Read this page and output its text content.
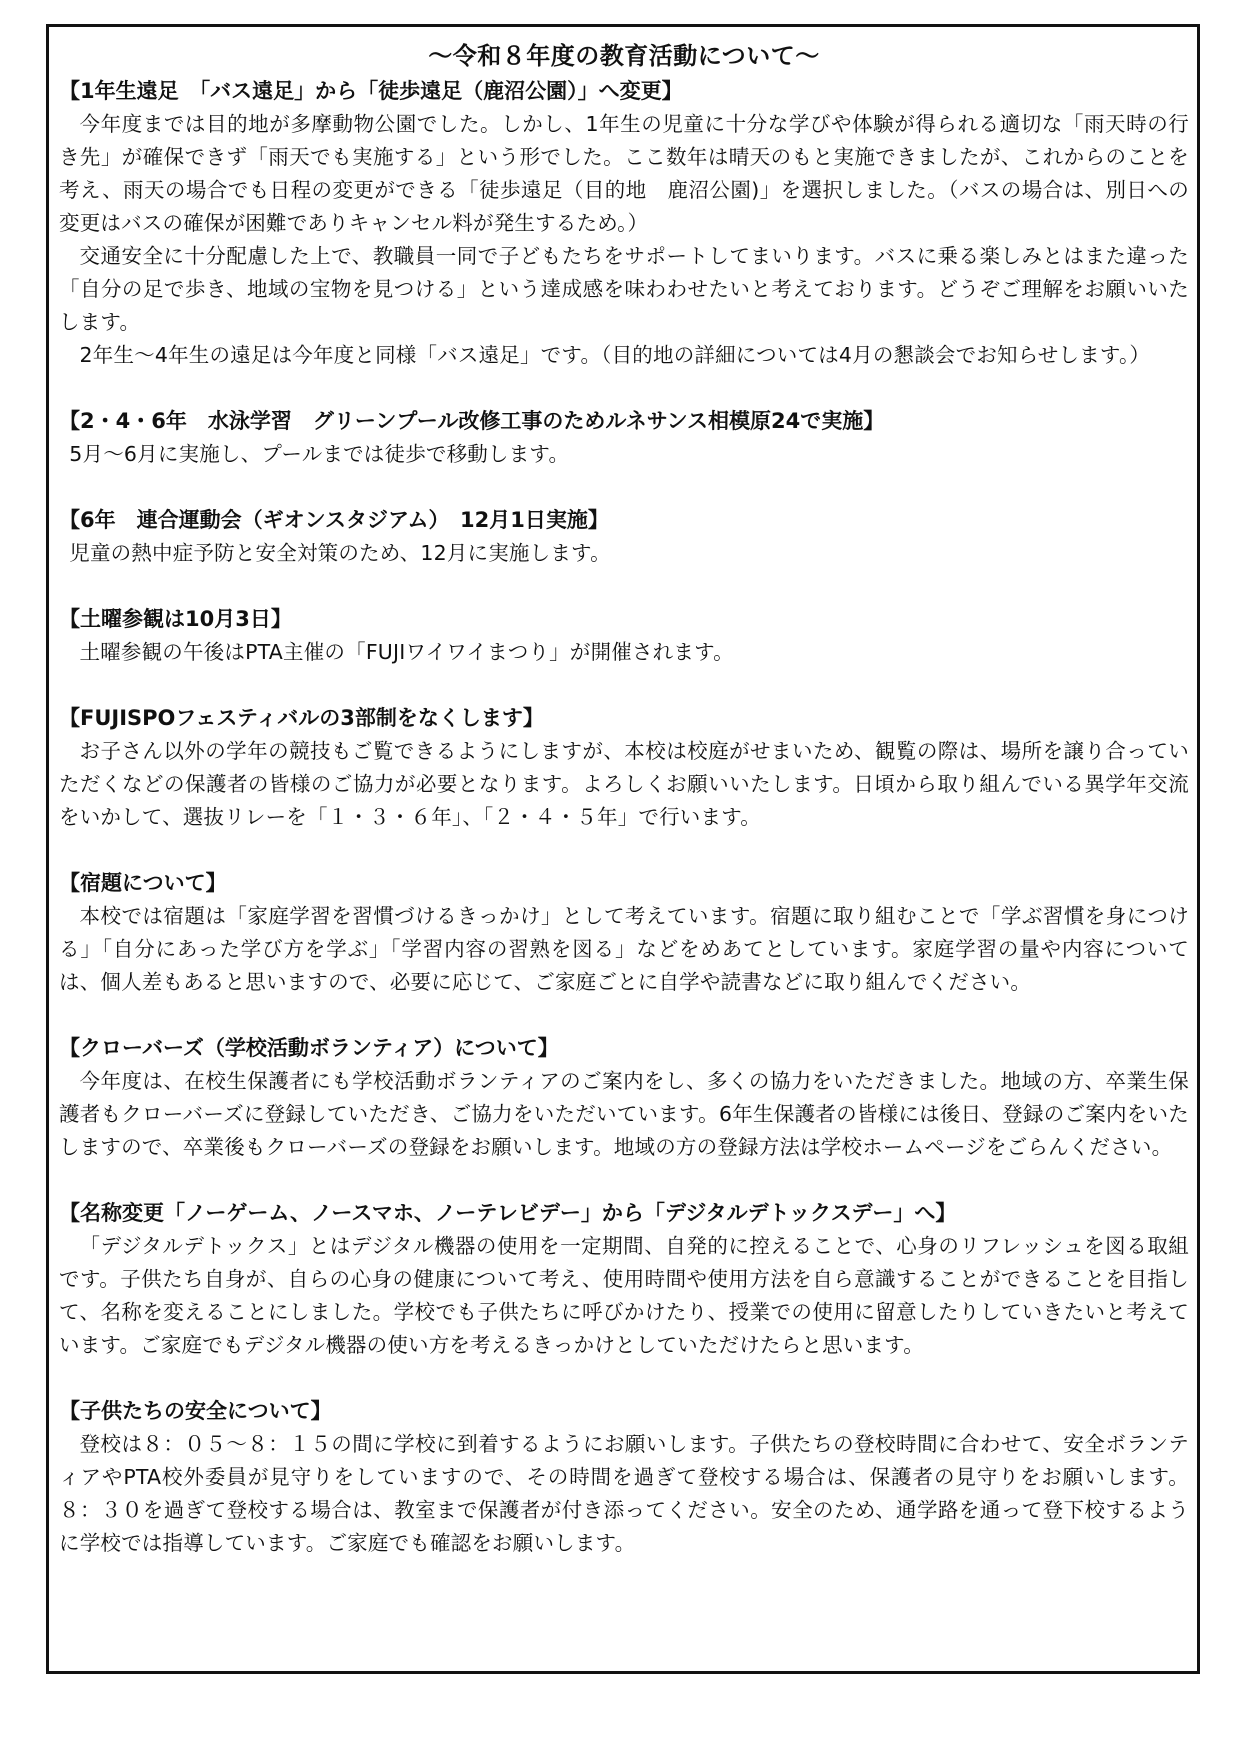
～令和８年度の教育活動について～

【1年生遠足　「バス遠足」から「徒歩遠足（鹿沼公園）」へ変更】

今年度までは目的地が多摩動物公園でした。しかし、1年生の児童に十分な学びや体験が得られる適切な「雨天時の行き先」が確保できず「雨天でも実施する」という形でした。ここ数年は晴天のもと実施できましたが、これからのことを考え、雨天の場合でも日程の変更ができる「徒歩遠足（目的地　鹿沼公園)」を選択しました。（バスの場合は、別日への変更はバスの確保が困難でありキャンセル料が発生するため。）

交通安全に十分配慮した上で、教職員一同で子どもたちをサポートしてまいります。バスに乗る楽しみとはまた違った「自分の足で歩き、地域の宝物を見つける」という達成感を味わわせたいと考えております。どうぞご理解をお願いいたします。

2年生～4年生の遠足は今年度と同様「バス遠足」です。（目的地の詳細については4月の懇談会でお知らせします。）

【2・4・6年　水泳学習　グリーンプール改修工事のためルネサンス相模原24で実施】

5月～6月に実施し、プールまでは徒歩で移動します。

【6年　連合運動会（ギオンスタジアム）　12月1日実施】

児童の熱中症予防と安全対策のため、12月に実施します。

【土曜参観は10月3日】

土曜参観の午後はPTA主催の「FUJIワイワイまつり」が開催されます。

【FUJISPOフェスティバルの3部制をなくします】

お子さん以外の学年の競技もご覧できるようにしますが、本校は校庭がせまいため、観覧の際は、場所を譲り合っていただくなどの保護者の皆様のご協力が必要となります。よろしくお願いいたします。日頃から取り組んでいる異学年交流をいかして、選抜リレーを「１・３・６年」、「２・４・５年」で行います。

【宿題について】

本校では宿題は「家庭学習を習慣づけるきっかけ」として考えています。宿題に取り組むことで「学ぶ習慣を身につける」「自分にあった学び方を学ぶ」「学習内容の習熟を図る」などをめあてとしています。家庭学習の量や内容については、個人差もあると思いますので、必要に応じて、ご家庭ごとに自学や読書などに取り組んでください。

【クローバーズ（学校活動ボランティア）について】

今年度は、在校生保護者にも学校活動ボランティアのご案内をし、多くの協力をいただきました。地域の方、卒業生保護者もクローバーズに登録していただき、ご協力をいただいています。6年生保護者の皆様には後日、登録のご案内をいたしますので、卒業後もクローバーズの登録をお願いします。地域の方の登録方法は学校ホームページをごらんください。

【名称変更「ノーゲーム、ノースマホ、ノーテレビデー」から「デジタルデトックスデー」へ】

「デジタルデトックス」とはデジタル機器の使用を一定期間、自発的に控えることで、心身のリフレッシュを図る取組です。子供たち自身が、自らの心身の健康について考え、使用時間や使用方法を自ら意識することができることを目指して、名称を変えることにしました。学校でも子供たちに呼びかけたり、授業での使用に留意したりしていきたいと考えています。ご家庭でもデジタル機器の使い方を考えるきっかけとしていただけたらと思います。

【子供たちの安全について】

登校は８：０５～８：１５の間に学校に到着するようにお願いします。子供たちの登校時間に合わせて、安全ボランティアやPTA校外委員が見守りをしていますので、その時間を過ぎて登校する場合は、保護者の見守りをお願いします。８：３０を過ぎて登校する場合は、教室まで保護者が付き添ってください。安全のため、通学路を通って登下校するように学校では指導しています。ご家庭でも確認をお願いします。
